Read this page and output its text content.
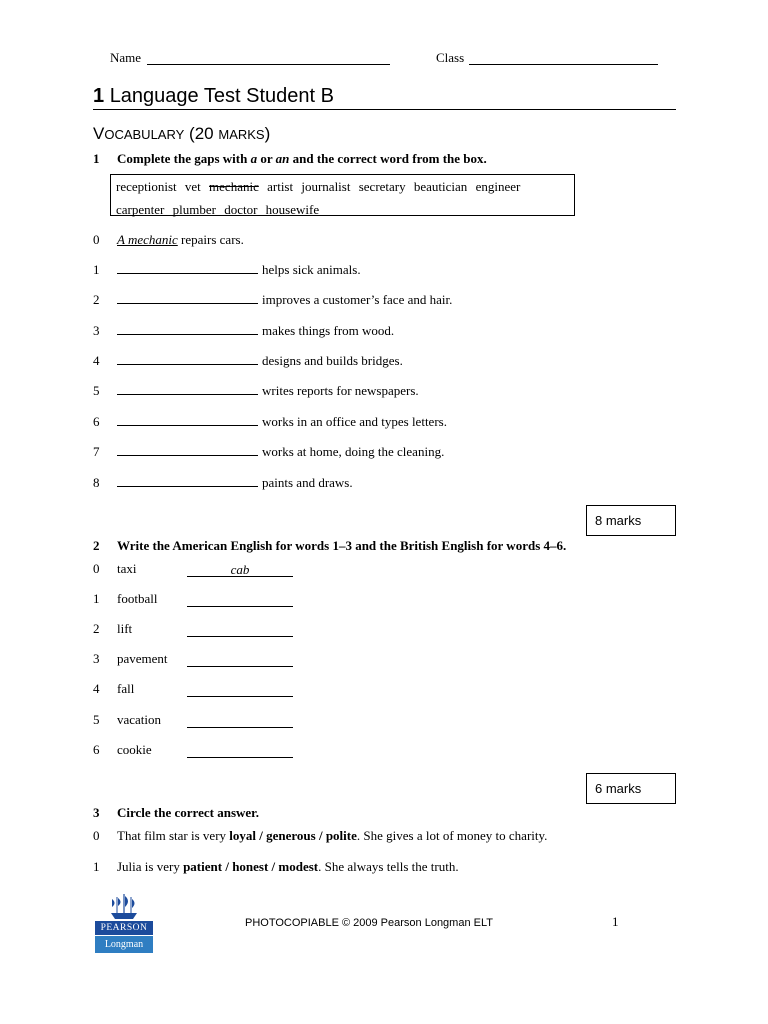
Name	Class
1 Language Test Student B
VOCABULARY (20 MARKS)
1 Complete the gaps with a or an and the correct word from the box.
receptionist vet mechanic artist journalist secretary beautician engineer
carpenter plumber doctor housewife
0 A mechanic repairs cars.
1	helps sick animals.
2	improves a customer’s face and hair.
3	makes things from wood.
4	designs and builds bridges.
5	writes reports for newspapers.
6	works in an office and types letters.
7	works at home, doing the cleaning.
8	paints and draws.
8 marks
2 Write the American English for words 1–3 and the British English for words 4–6.
0 taxi	cab
1 football
2 lift
3 pavement
4 fall
5 vacation
6 cookie
6 marks
3 Circle the correct answer.
0 That film star is very loyal / generous / polite. She gives a lot of money to charity.
1 Julia is very patient / honest / modest. She always tells the truth.
PEARSON
Longman
PHOTOCOPIABLE © 2009 Pearson Longman ELT	1
